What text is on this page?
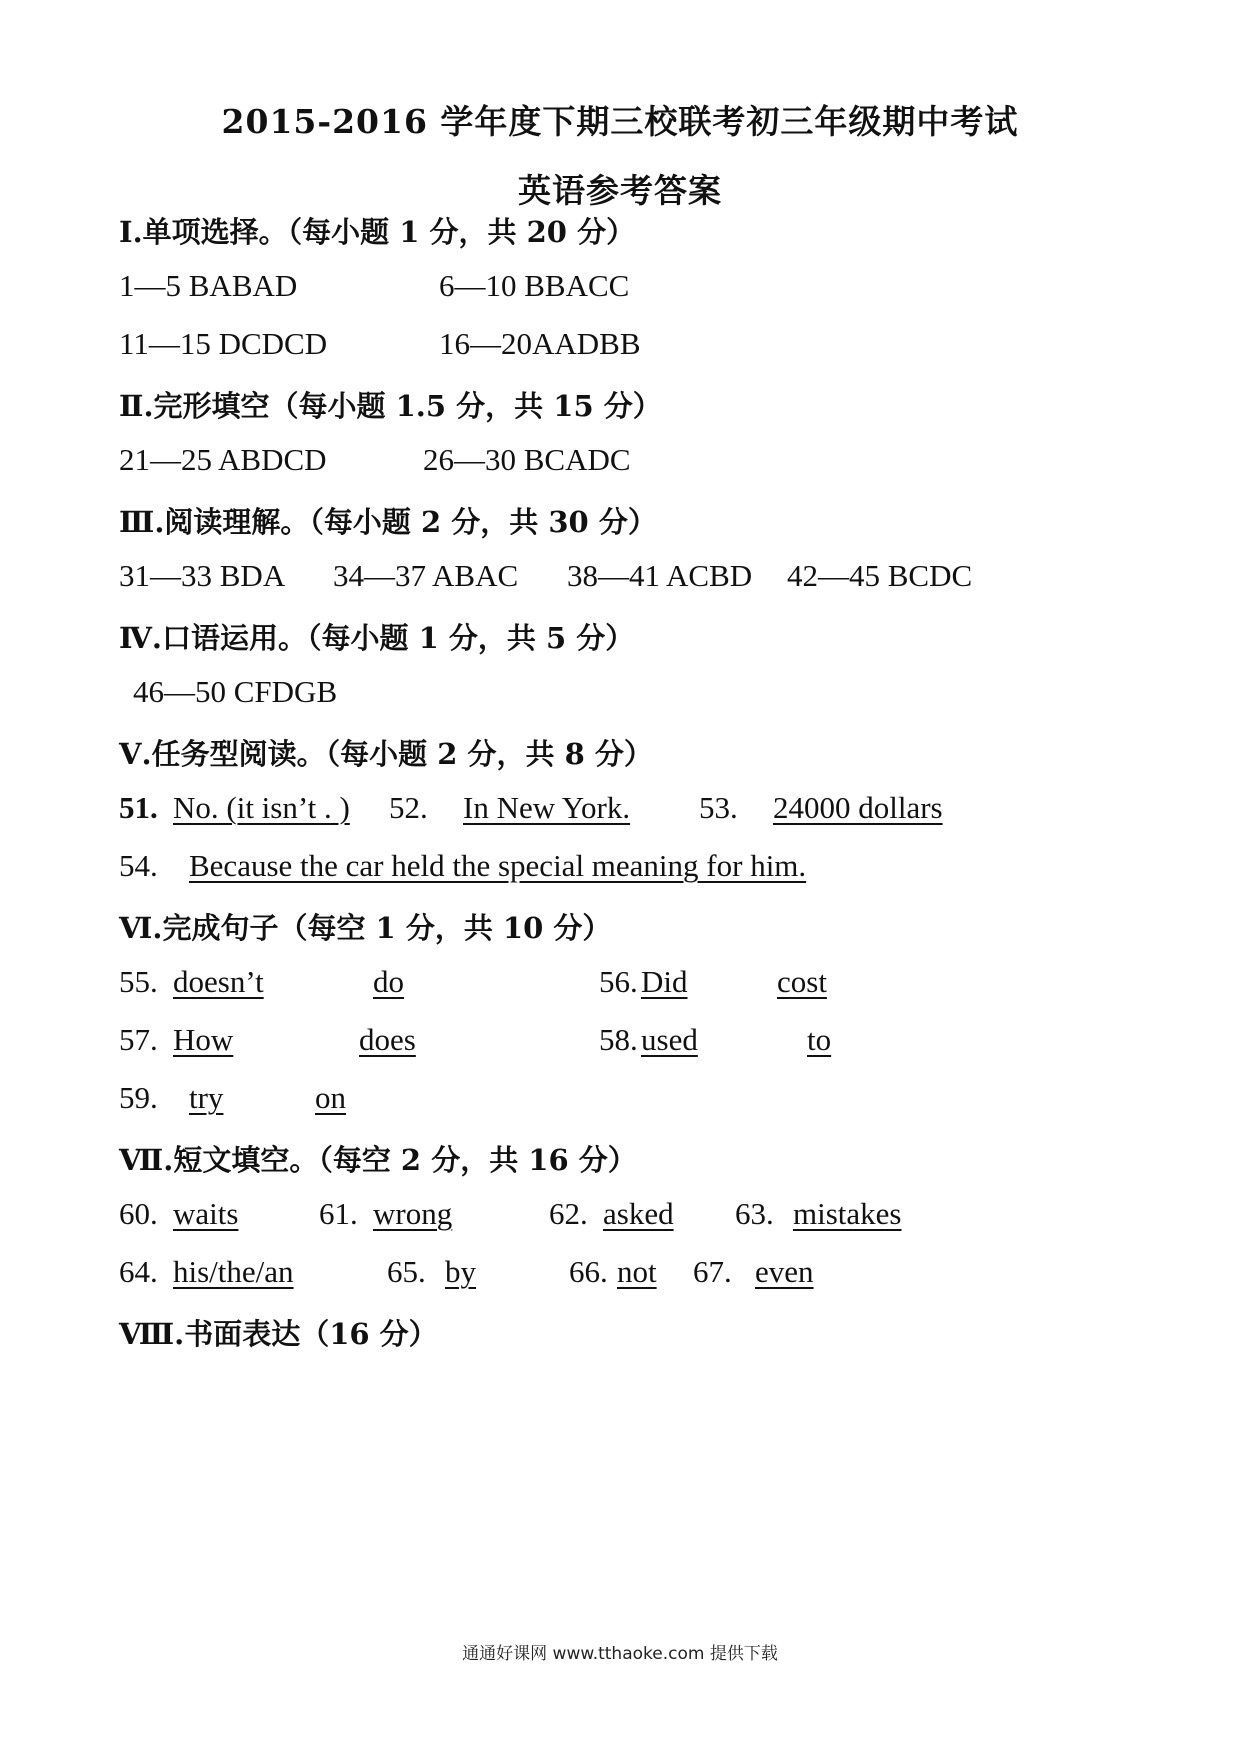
2015-2016 学年度下期三校联考初三年级期中考试
英语参考答案
Ⅰ.单项选择。（每小题 1 分，共 20 分）
1—5 BABAD	6—10 BBACC
11—15 DCDCD	16—20AADBB
Ⅱ.完形填空（每小题 1.5 分，共 15 分）
21—25 ABDCD	26—30 BCADC
Ⅲ.阅读理解。（每小题 2 分，共 30 分）
31—33 BDA 34—37 ABAC 38—41 ACBD 42—45 BCDC
Ⅳ.口语运用。（每小题 1 分，共 5 分）
46—50 CFDGB
Ⅴ.任务型阅读。（每小题 2 分，共 8 分）
51. No. (it isn’t . ) 52. In New York. 53. 24000 dollars
54. Because the car held the special meaning for him.
Ⅵ.完成句子（每空 1 分，共 10 分）
55. doesn’t	do	56. Did	cost
57. How	does	58. used	to
59. try	on
Ⅶ.短文填空。（每空 2 分，共 16 分）
60. waits	61. wrong	62. asked 63. mistakes
64. his/the/an	65. by	66. not 67. even
Ⅷ.书面表达（16 分）
通通好课网 www.tthaoke.com 提供下载
